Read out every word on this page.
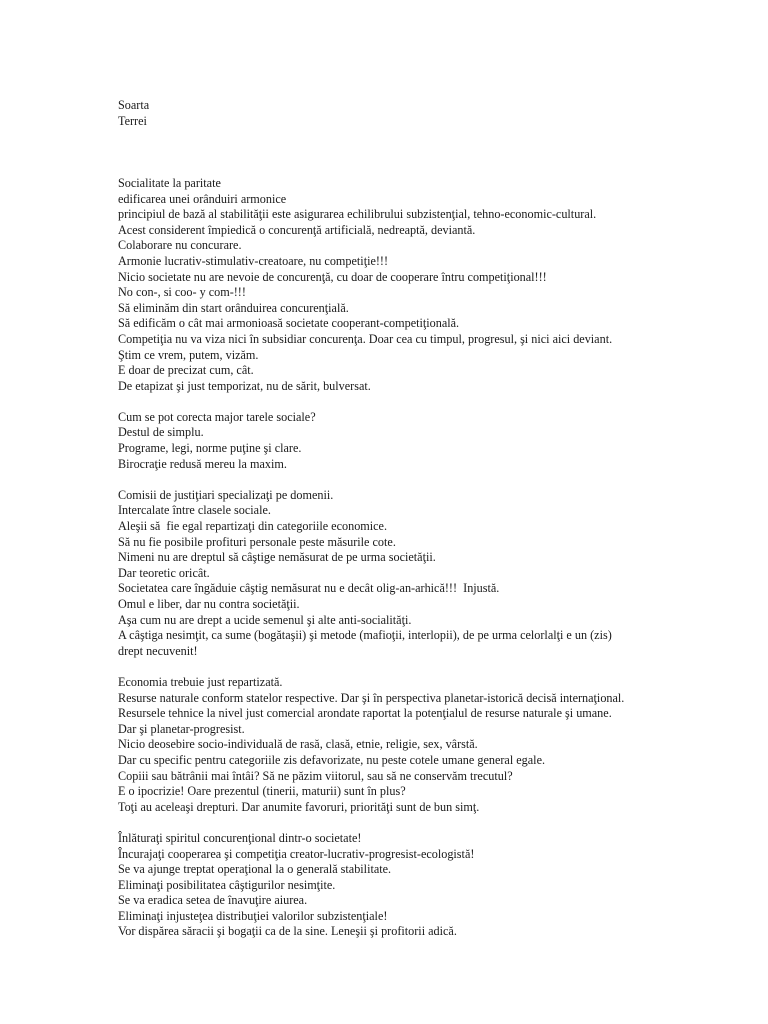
Soarta
Terrei
Socialitate la paritate
edificarea unei orânduiri armonice
principiul de bază al stabilităţii este asigurarea echilibrului subzistenţial, tehno-economic-cultural.
Acest considerent împiedică o concurenţă artificială, nedreaptă, deviantă.
Colaborare nu concurare.
Armonie lucrativ-stimulativ-creatoare, nu competiţie!!!
Nicio societate nu are nevoie de concurenţă, cu doar de cooperare întru competiţional!!!
No con-, si coo- y com-!!!
Să eliminăm din start orânduirea concurenţială.
Să edificăm o cât mai armonioasă societate cooperant-competiţională.
Competiţia nu va viza nici în subsidiar concurenţa. Doar cea cu timpul, progresul, şi nici aici deviant.
Ştim ce vrem, putem, vizăm.
E doar de precizat cum, cât.
De etapizat şi just temporizat, nu de sărit, bulversat.
Cum se pot corecta major tarele sociale?
Destul de simplu.
Programe, legi, norme puţine şi clare.
Birocraţie redusă mereu la maxim.
Comisii de justiţiari specializaţi pe domenii.
Intercalate între clasele sociale.
Aleşii să  fie egal repartizaţi din categoriile economice.
Să nu fie posibile profituri personale peste măsurile cote.
Nimeni nu are dreptul să câştige nemăsurat de pe urma societăţii.
Dar teoretic oricât.
Societatea care îngăduie câştig nemăsurat nu e decât olig-an-arhică!!!  Injustă.
Omul e liber, dar nu contra societăţii.
Aşa cum nu are drept a ucide semenul şi alte anti-socialităţi.
A câştiga nesimţit, ca sume (bogătaşii) şi metode (mafioţii, interlopii), de pe urma celorlalţi e un (zis)
drept necuvenit!
Economia trebuie just repartizată.
Resurse naturale conform statelor respective. Dar şi în perspectiva planetar-istorică decisă internaţional.
Resursele tehnice la nivel just comercial arondate raportat la potenţialul de resurse naturale şi umane.
Dar şi planetar-progresist.
Nicio deosebire socio-individuală de rasă, clasă, etnie, religie, sex, vârstă.
Dar cu specific pentru categoriile zis defavorizate, nu peste cotele umane general egale.
Copiii sau bătrânii mai întâi? Să ne păzim viitorul, sau să ne conservăm trecutul?
E o ipocrizie! Oare prezentul (tinerii, maturii) sunt în plus?
Toţi au aceleaşi drepturi. Dar anumite favoruri, priorităţi sunt de bun simţ.
Înlăturaţi spiritul concurenţional dintr-o societate!
Încurajaţi cooperarea şi competiţia creator-lucrativ-progresist-ecologistă!
Se va ajunge treptat operaţional la o generală stabilitate.
Eliminaţi posibilitatea câştigurilor nesimţite.
Se va eradica setea de înavuţire aiurea.
Eliminaţi injusteţea distribuţiei valorilor subzistenţiale!
Vor dispărea săracii şi bogaţii ca de la sine. Leneşii şi profitorii adică.
